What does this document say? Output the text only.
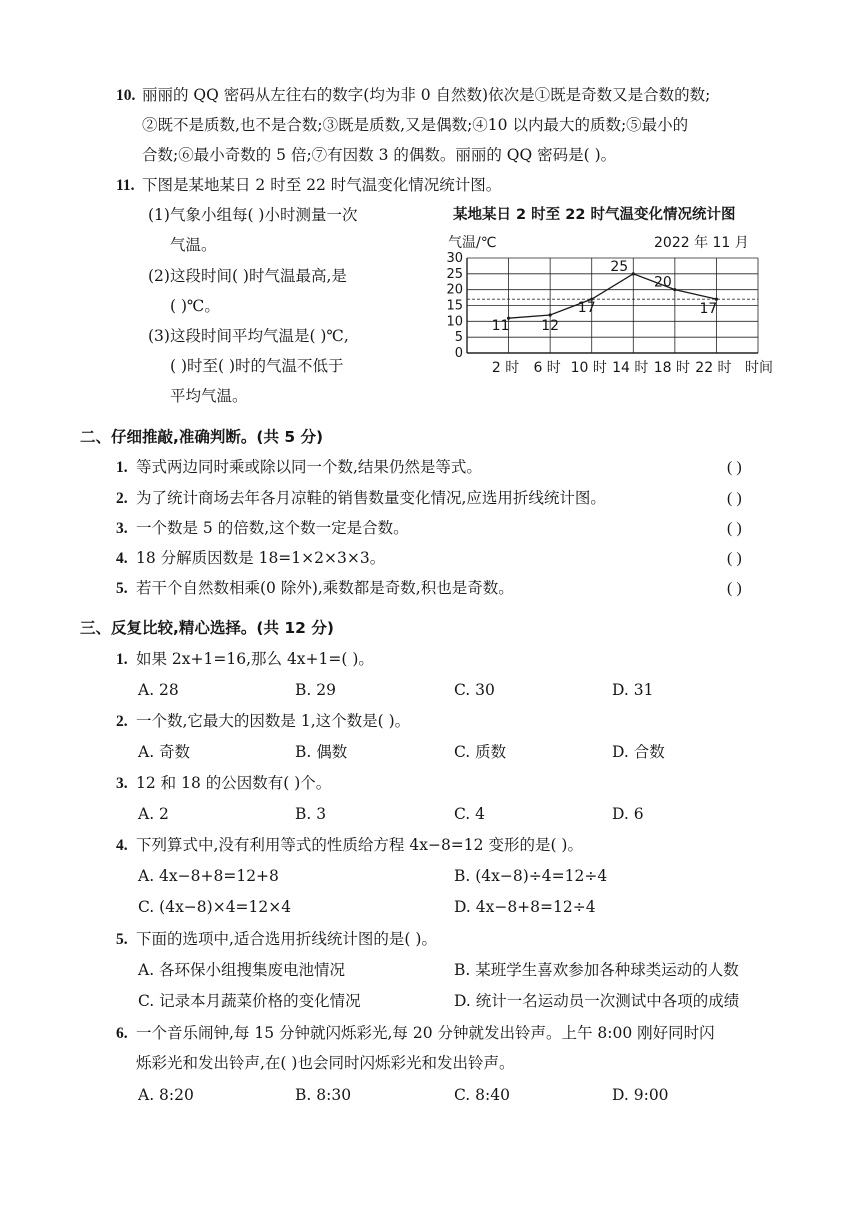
10. 丽丽的 QQ 密码从左往右的数字(均为非 0 自然数)依次是①既是奇数又是合数的数;
②既不是质数,也不是合数;③既是质数,又是偶数;④10 以内最大的质数;⑤最小的
合数;⑥最小奇数的 5 倍;⑦有因数 3 的偶数。丽丽的 QQ 密码是( )。
11. 下图是某地某日 2 时至 22 时气温变化情况统计图。
(1)气象小组每( )小时测量一次
气温。
(2)这段时间( )时气温最高,是
( )℃。
(3)这段时间平均气温是( )℃,
( )时至( )时的气温不低于
平均气温。
某地某日 2 时至 22 时气温变化情况统计图
气温/℃	2022 年 11 月
0
5
10
15
20
25
30
2 时 6 时 10 时 14 时 18 时 22 时
11 12
17
25
20
17
时间
二、仔细推敲,准确判断。(共 5 分)
1. 等式两边同时乘或除以同一个数,结果仍然是等式。	( )
2. 为了统计商场去年各月凉鞋的销售数量变化情况,应选用折线统计图。	( )
3. 一个数是 5 的倍数,这个数一定是合数。	( )
4. 18 分解质因数是 18=1×2×3×3。	( )
5. 若干个自然数相乘(0 除外),乘数都是奇数,积也是奇数。	( )
三、反复比较,精心选择。(共 12 分)
1. 如果 2x+1=16,那么 4x+1=( )。
A. 28	B. 29	C. 30	D. 31
2. 一个数,它最大的因数是 1,这个数是( )。
A. 奇数	B. 偶数	C. 质数	D. 合数
3. 12 和 18 的公因数有( )个。
A. 2	B. 3	C. 4	D. 6
4. 下列算式中,没有利用等式的性质给方程 4x−8=12 变形的是( )。
A. 4x−8+8=12+8	B. (4x−8)÷4=12÷4
C. (4x−8)×4=12×4	D. 4x−8+8=12÷4
5. 下面的选项中,适合选用折线统计图的是( )。
A. 各环保小组搜集废电池情况	B. 某班学生喜欢参加各种球类运动的人数
C. 记录本月蔬菜价格的变化情况	D. 统计一名运动员一次测试中各项的成绩
6. 一个音乐闹钟,每 15 分钟就闪烁彩光,每 20 分钟就发出铃声。上午 8:00 刚好同时闪
烁彩光和发出铃声,在( )也会同时闪烁彩光和发出铃声。
A. 8:20	B. 8:30	C. 8:40	D. 9:00
